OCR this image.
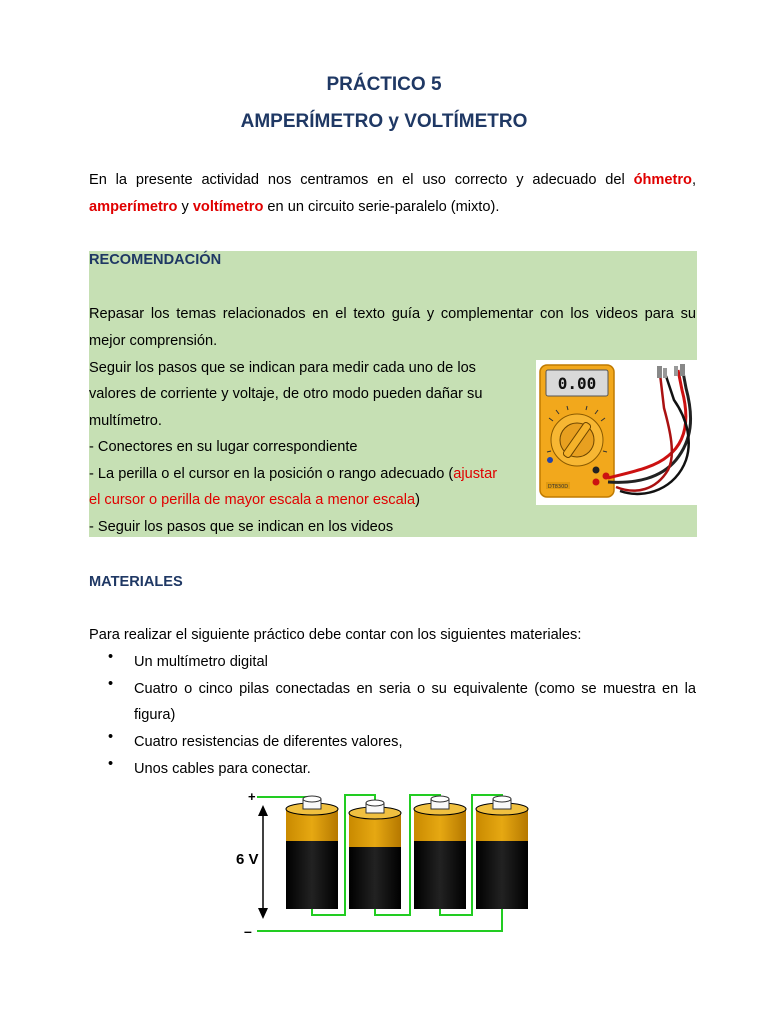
PRÁCTICO 5
AMPERÍMETRO y VOLTÍMETRO
En la presente actividad nos centramos en el uso correcto y adecuado del óhmetro,
amperímetro y voltímetro en un circuito serie-paralelo (mixto).
RECOMENDACIÓN
Repasar los temas relacionados en el texto guía y complementar con los videos para su
mejor comprensión.
Seguir los pasos que se indican para medir cada uno de los
valores de corriente y voltaje, de otro modo pueden dañar su
multímetro.
- Conectores en su lugar correspondiente
- La perilla o el cursor en la posición o rango adecuado (ajustar
el cursor o perilla de mayor escala a menor escala)
- Seguir los pasos que se indican en los videos
0.00
DT830D
MATERIALES
Para realizar el siguiente práctico debe contar con los siguientes materiales:
• Un multímetro digital
• Cuatro o cinco pilas conectadas en seria o su equivalente (como se muestra en la
figura)
• Cuatro resistencias de diferentes valores,
• Unos cables para conectar.
+
–
6 V
